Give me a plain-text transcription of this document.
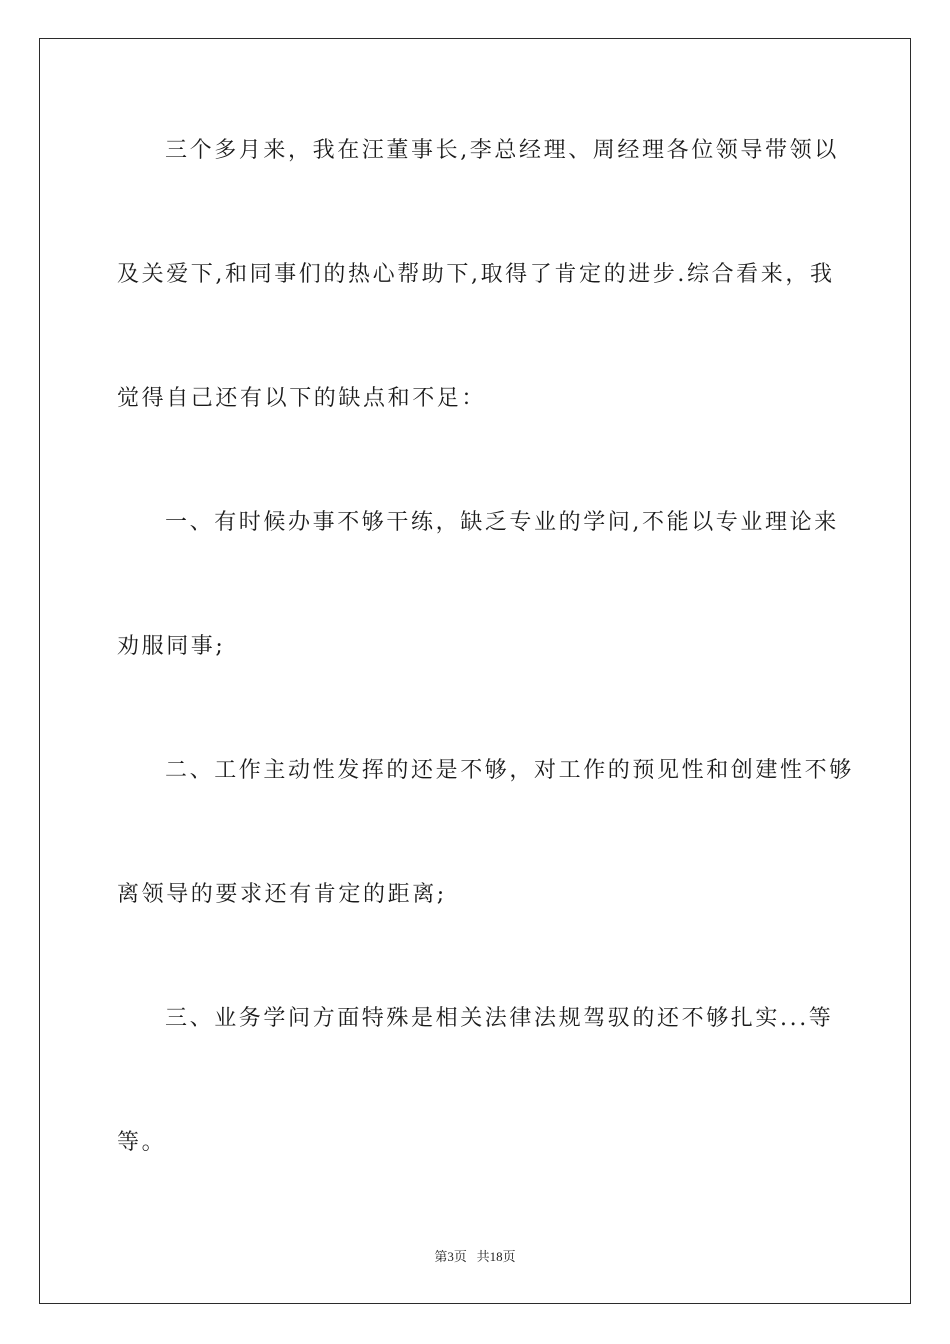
三个多月来，我在汪董事长,李总经理、周经理各位领导带领以
及关爱下,和同事们的热心帮助下,取得了肯定的进步.综合看来，我
觉得自己还有以下的缺点和不足：
一、有时候办事不够干练，缺乏专业的学问,不能以专业理论来
劝服同事;
二、工作主动性发挥的还是不够，对工作的预见性和创建性不够
离领导的要求还有肯定的距离;
三、业务学问方面特殊是相关法律法规驾驭的还不够扎实...等
等。
第3页 共18页
